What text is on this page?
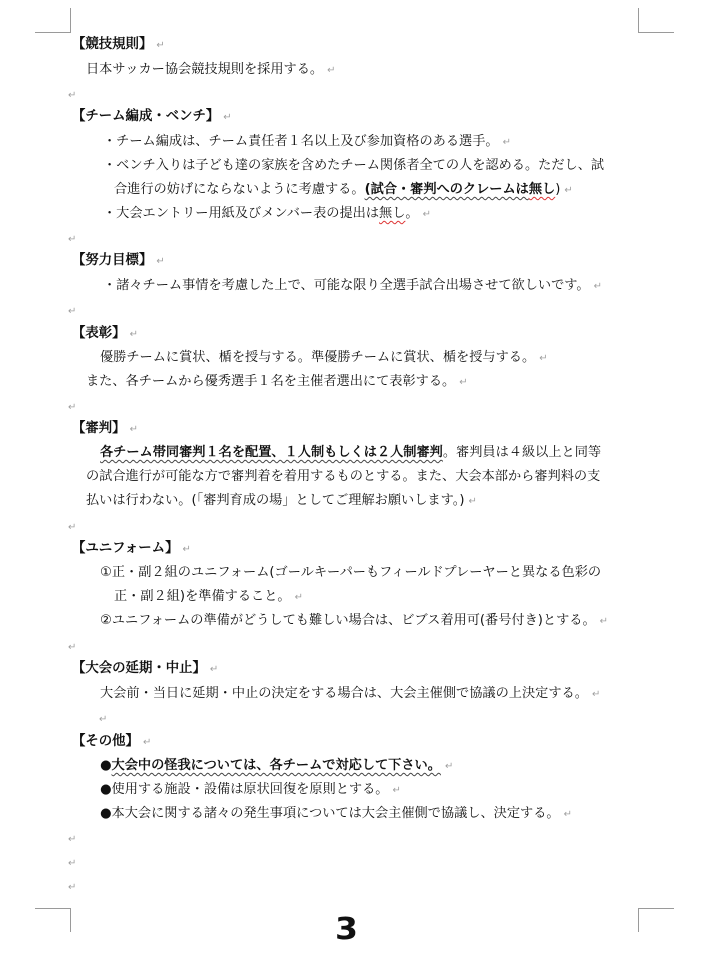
【競技規則】 ↵
日本サッカー協会競技規則を採用する。 ↵
↵
【チーム編成・ベンチ】 ↵
・チーム編成は、チーム責任者１名以上及び参加資格のある選手。 ↵
・ベンチ入りは子ども達の家族を含めたチーム関係者全ての人を認める。ただし、試
合進行の妨げにならないように考慮する。(試合・審判へのクレームは無し) ↵
・大会エントリー用紙及びメンバー表の提出は無し。 ↵
↵
【努力目標】 ↵
・諸々チーム事情を考慮した上で、可能な限り全選手試合出場させて欲しいです。 ↵
↵
【表彰】 ↵
優勝チームに賞状、楯を授与する。準優勝チームに賞状、楯を授与する。 ↵
また、各チームから優秀選手１名を主催者選出にて表彰する。 ↵
↵
【審判】 ↵
各チーム帯同審判１名を配置、１人制もしくは２人制審判。審判員は４級以上と同等
の試合進行が可能な方で審判着を着用するものとする。また、大会本部から審判料の支
払いは行わない。(「審判育成の場」としてご理解お願いします。) ↵
↵
【ユニフォーム】 ↵
①正・副２組のユニフォーム(ゴールキーパーもフィールドプレーヤーと異なる色彩の
正・副２組)を準備すること。 ↵
②ユニフォームの準備がどうしても難しい場合は、ビブス着用可(番号付き)とする。 ↵
↵
【大会の延期・中止】 ↵
大会前・当日に延期・中止の決定をする場合は、大会主催側で協議の上決定する。 ↵
↵
【その他】 ↵
●大会中の怪我については、各チームで対応して下さい。 ↵
●使用する施設・設備は原状回復を原則とする。 ↵
●本大会に関する諸々の発生事項については大会主催側で協議し、決定する。 ↵
↵
↵
↵
3
